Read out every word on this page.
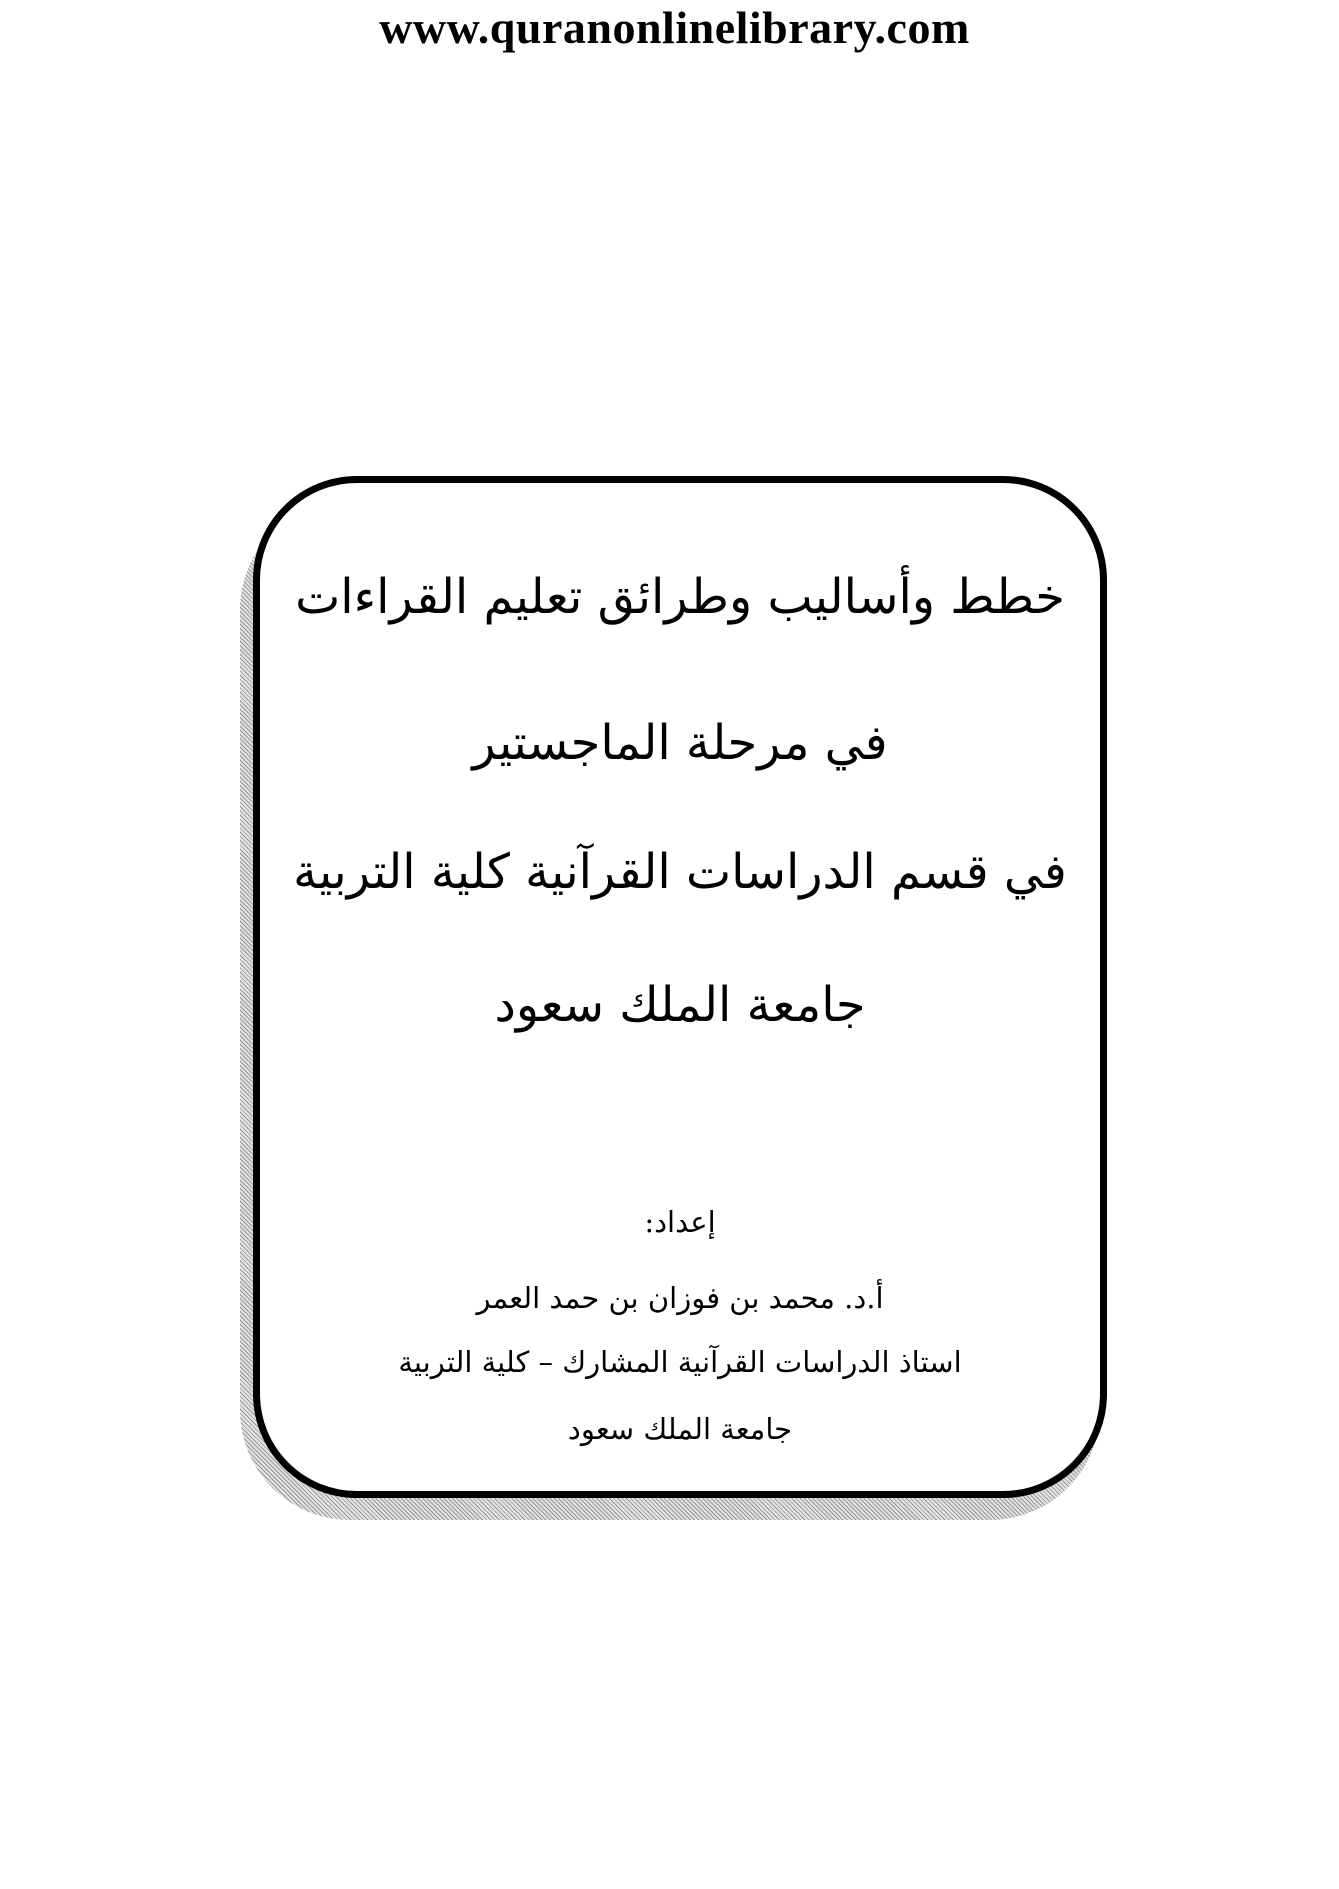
www.quranonlinelibrary.com
خطط وأساليب وطرائق تعليم القراءات
في مرحلة الماجستير
في قسم الدراسات القرآنية كلية التربية
جامعة الملك سعود
إعداد:
أ.د. محمد بن فوزان بن حمد العمر
استاذ الدراسات القرآنية المشارك – كلية التربية
جامعة الملك سعود
